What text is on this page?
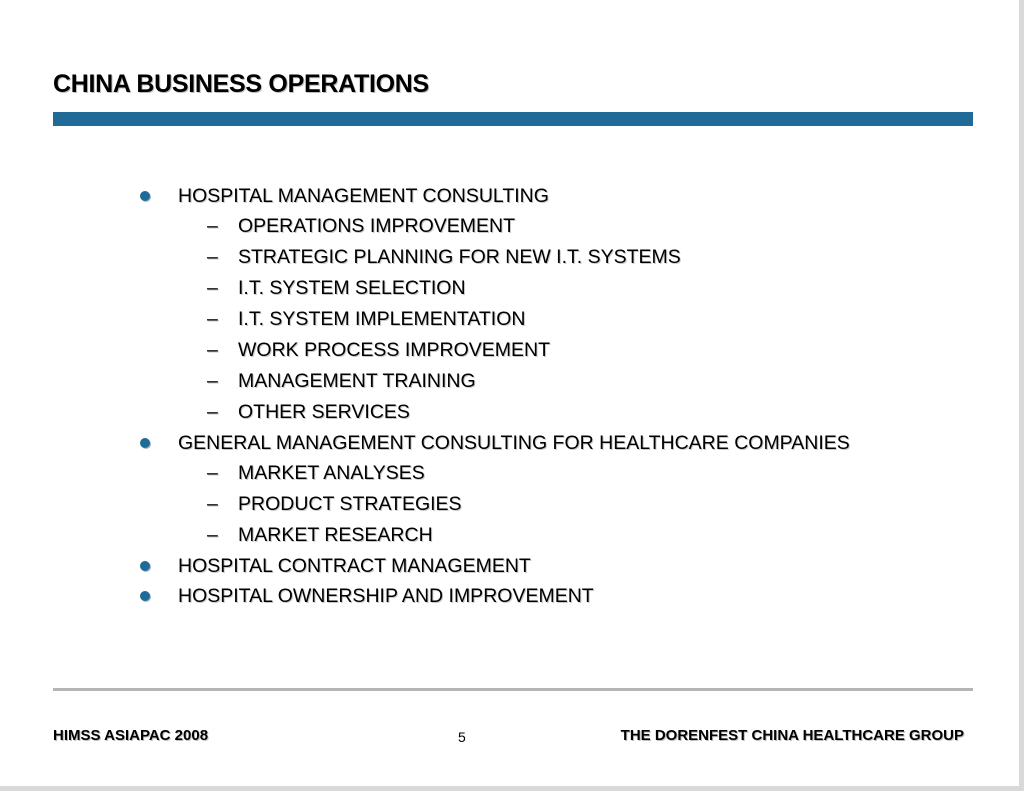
CHINA BUSINESS OPERATIONS
HOSPITAL MANAGEMENT CONSULTING
– OPERATIONS IMPROVEMENT
– STRATEGIC PLANNING FOR NEW I.T. SYSTEMS
– I.T. SYSTEM SELECTION
– I.T. SYSTEM IMPLEMENTATION
– WORK PROCESS IMPROVEMENT
– MANAGEMENT TRAINING
– OTHER SERVICES
GENERAL MANAGEMENT CONSULTING FOR HEALTHCARE COMPANIES
– MARKET ANALYSES
– PRODUCT STRATEGIES
– MARKET RESEARCH
HOSPITAL CONTRACT MANAGEMENT
HOSPITAL OWNERSHIP AND IMPROVEMENT
HIMSS ASIAPAC 2008	5	THE DORENFEST CHINA HEALTHCARE GROUP
